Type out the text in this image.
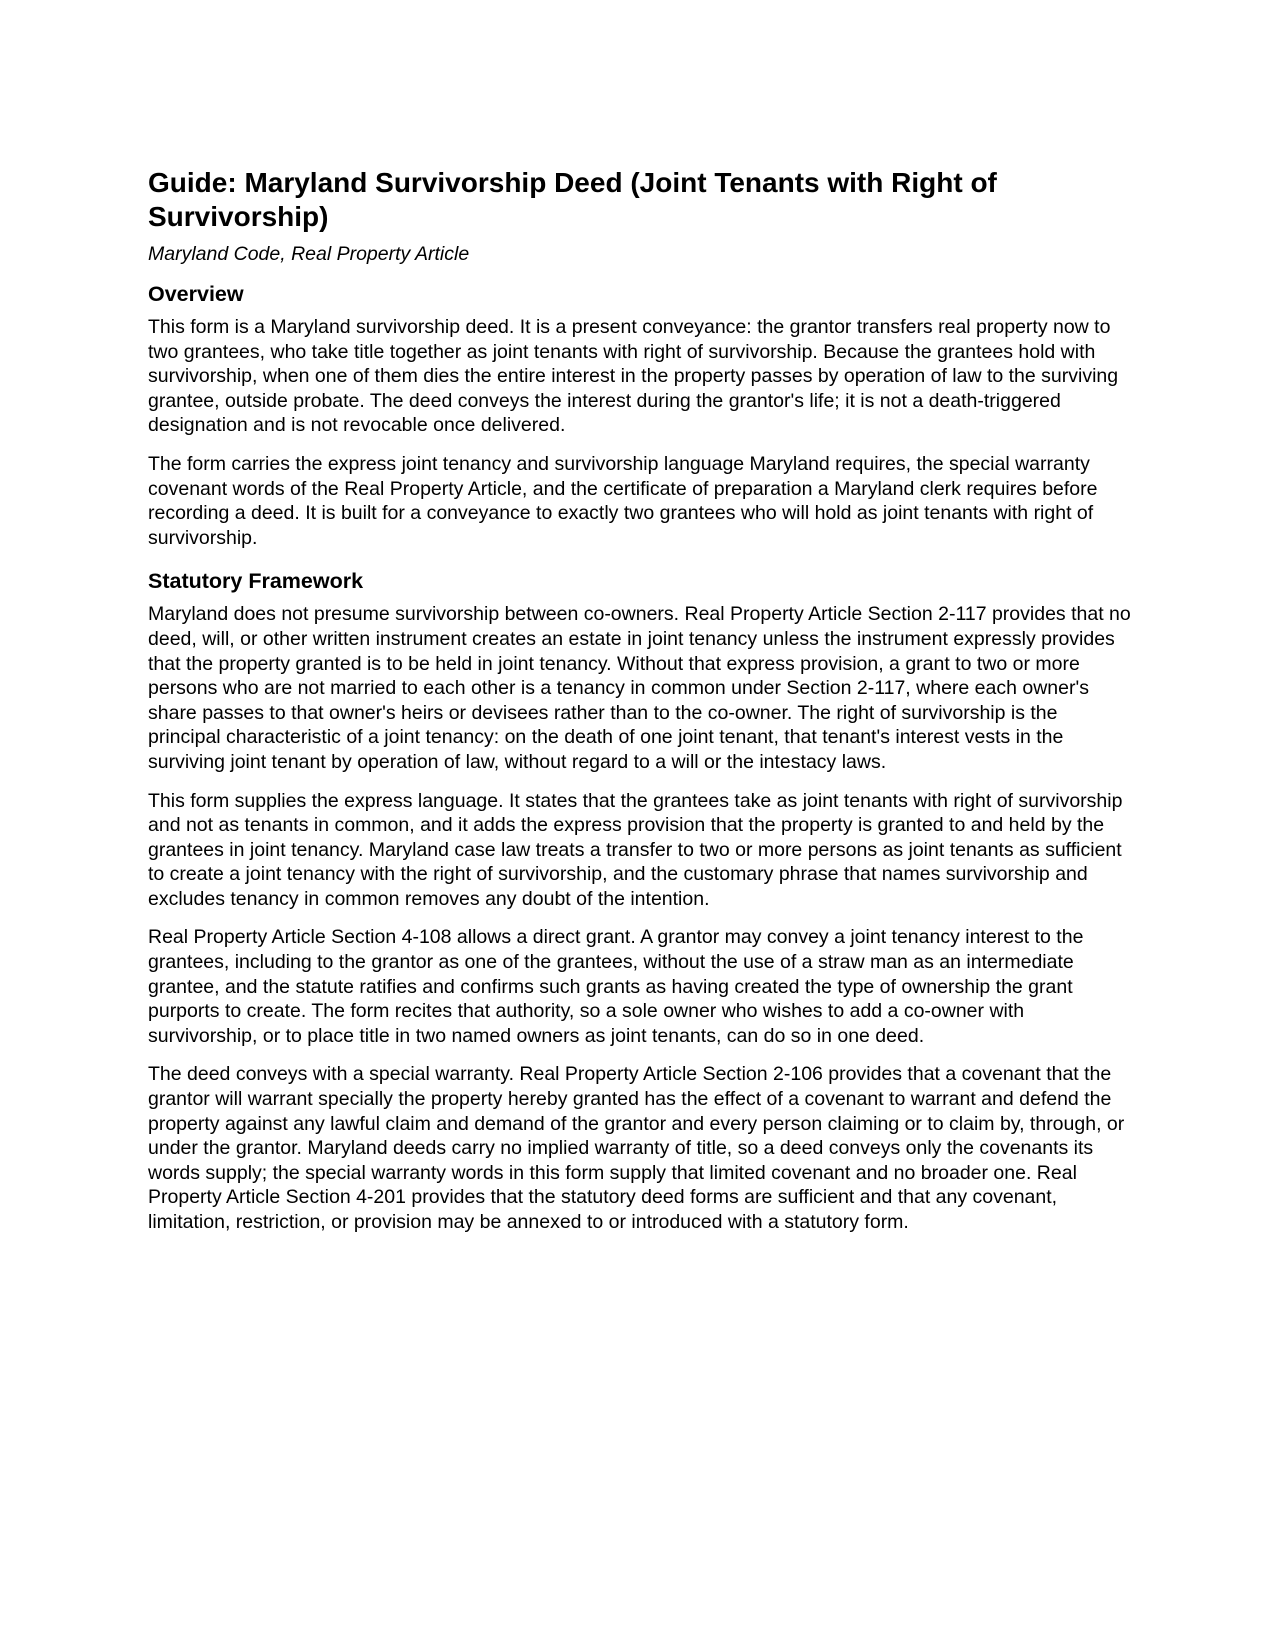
Guide: Maryland Survivorship Deed (Joint Tenants with Right of Survivorship)
Maryland Code, Real Property Article
Overview

This form is a Maryland survivorship deed. It is a present conveyance: the grantor transfers real property now to two grantees, who take title together as joint tenants with right of survivorship. Because the grantees hold with survivorship, when one of them dies the entire interest in the property passes by operation of law to the surviving grantee, outside probate. The deed conveys the interest during the grantor's life; it is not a death-triggered designation and is not revocable once delivered.

The form carries the express joint tenancy and survivorship language Maryland requires, the special warranty covenant words of the Real Property Article, and the certificate of preparation a Maryland clerk requires before recording a deed. It is built for a conveyance to exactly two grantees who will hold as joint tenants with right of survivorship.

Statutory Framework

Maryland does not presume survivorship between co-owners. Real Property Article Section 2-117 provides that no deed, will, or other written instrument creates an estate in joint tenancy unless the instrument expressly provides that the property granted is to be held in joint tenancy. Without that express provision, a grant to two or more persons who are not married to each other is a tenancy in common under Section 2-117, where each owner's share passes to that owner's heirs or devisees rather than to the co-owner. The right of survivorship is the principal characteristic of a joint tenancy: on the death of one joint tenant, that tenant's interest vests in the surviving joint tenant by operation of law, without regard to a will or the intestacy laws.

This form supplies the express language. It states that the grantees take as joint tenants with right of survivorship and not as tenants in common, and it adds the express provision that the property is granted to and held by the grantees in joint tenancy. Maryland case law treats a transfer to two or more persons as joint tenants as sufficient to create a joint tenancy with the right of survivorship, and the customary phrase that names survivorship and excludes tenancy in common removes any doubt of the intention.

Real Property Article Section 4-108 allows a direct grant. A grantor may convey a joint tenancy interest to the grantees, including to the grantor as one of the grantees, without the use of a straw man as an intermediate grantee, and the statute ratifies and confirms such grants as having created the type of ownership the grant purports to create. The form recites that authority, so a sole owner who wishes to add a co-owner with survivorship, or to place title in two named owners as joint tenants, can do so in one deed.

The deed conveys with a special warranty. Real Property Article Section 2-106 provides that a covenant that the grantor will warrant specially the property hereby granted has the effect of a covenant to warrant and defend the property against any lawful claim and demand of the grantor and every person claiming or to claim by, through, or under the grantor. Maryland deeds carry no implied warranty of title, so a deed conveys only the covenants its words supply; the special warranty words in this form supply that limited covenant and no broader one. Real Property Article Section 4-201 provides that the statutory deed forms are sufficient and that any covenant, limitation, restriction, or provision may be annexed to or introduced with a statutory form.
